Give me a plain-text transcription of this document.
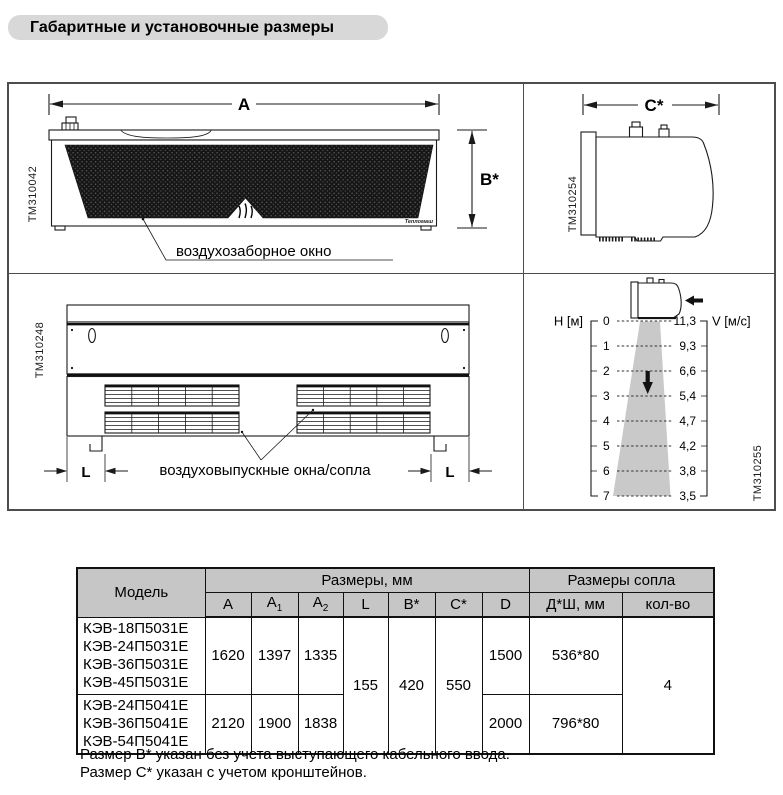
Габаритные и установочные размеры
A
Тепломаш
B*
воздухозаборное окно
ТМ310042
C*
ТМ310254
L	L
воздуховыпускные окна/сопла
ТМ310248
H [м] 0
1
2
3
4
5
6
7
V [м/с]
11,3
9,3
6,6
5,4
4,7
4,2
3,8
3,5	ТМ310255
Модель	Размеры, мм							Размеры сопла	
	A	$A_1$	$A_2$	L	B*	C*	D	Д*Ш, мм	кол-во

КЭВ-18П5031Е
КЭВ-24П5031Е
КЭВ-36П5031Е
КЭВ-45П5031Е	1620	1397	1335	155	420	550	1500	536*80	4

КЭВ-24П5041Е
КЭВ-36П5041Е
КЭВ-54П5041Е	2120	1900	1838				2000	796*80	
Размер B* указан без учета выступающего кабельного ввода.
Размер C* указан с учетом кронштейнов.
